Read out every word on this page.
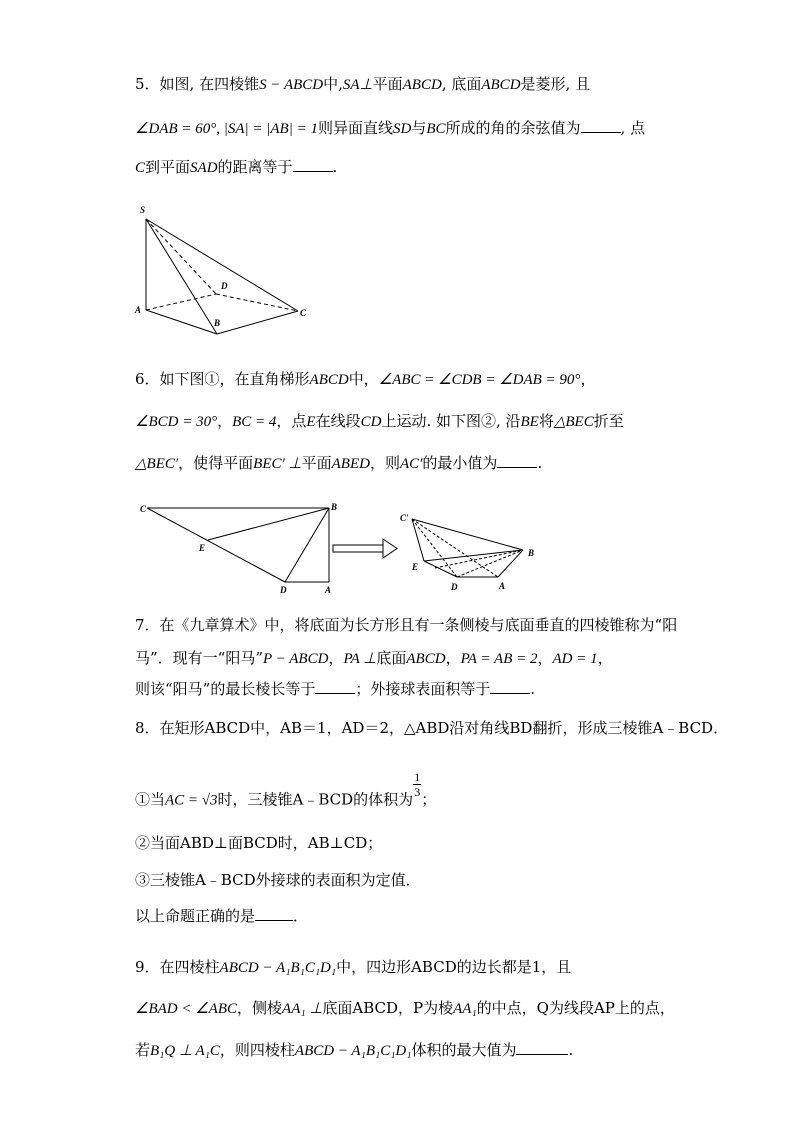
5．如图, 在四棱锥S − ABCD中,SA⊥平面ABCD, 底面ABCD是菱形, 且
∠DAB = 60°, |SA| = |AB| = 1则异面直线SD与BC所成的角的余弦值为	, 点
C到平面SAD的距离等于	.
S
D
A
B
C
6．如下图①，在直角梯形ABCD中，∠ABC = ∠CDB = ∠DAB = 90°，
∠BCD = 30°，BC = 4，点E在线段CD上运动. 如下图②, 沿BE将△BEC折至
△BEC′，使得平面BEC′ ⊥平面ABED，则AC′的最小值为	.
C	B
E
D	A
C′
B
E
D	A
7．在《九章算术》中，将底面为长方形且有一条侧棱与底面垂直的四棱锥称为“阳
马”．现有一“阳马”P − ABCD，PA ⊥底面ABCD，PA = AB = 2，AD = 1，
则该“阳马”的最长棱长等于	；外接球表面积等于	.
8．在矩形ABCD中，AB＝1，AD＝2，△ABD沿对角线BD翻折，形成三棱锥A﹣BCD．
①当AC = √3时，三棱锥A﹣BCD的体积为
$\frac{1}{3}$
；
②当面ABD⊥面BCD时，AB⊥CD；
③三棱锥A﹣BCD外接球的表面积为定值．
以上命题正确的是	．
9．在四棱柱ABCD − A₁B₁C₁D₁中，四边形ABCD的边长都是1，且
∠BAD < ∠ABC，侧棱AA₁ ⊥底面ABCD，P为棱AA₁的中点，Q为线段AP上的点，
若B₁Q ⊥ A₁C，则四棱柱ABCD − A₁B₁C₁D₁体积的最大值为	.
